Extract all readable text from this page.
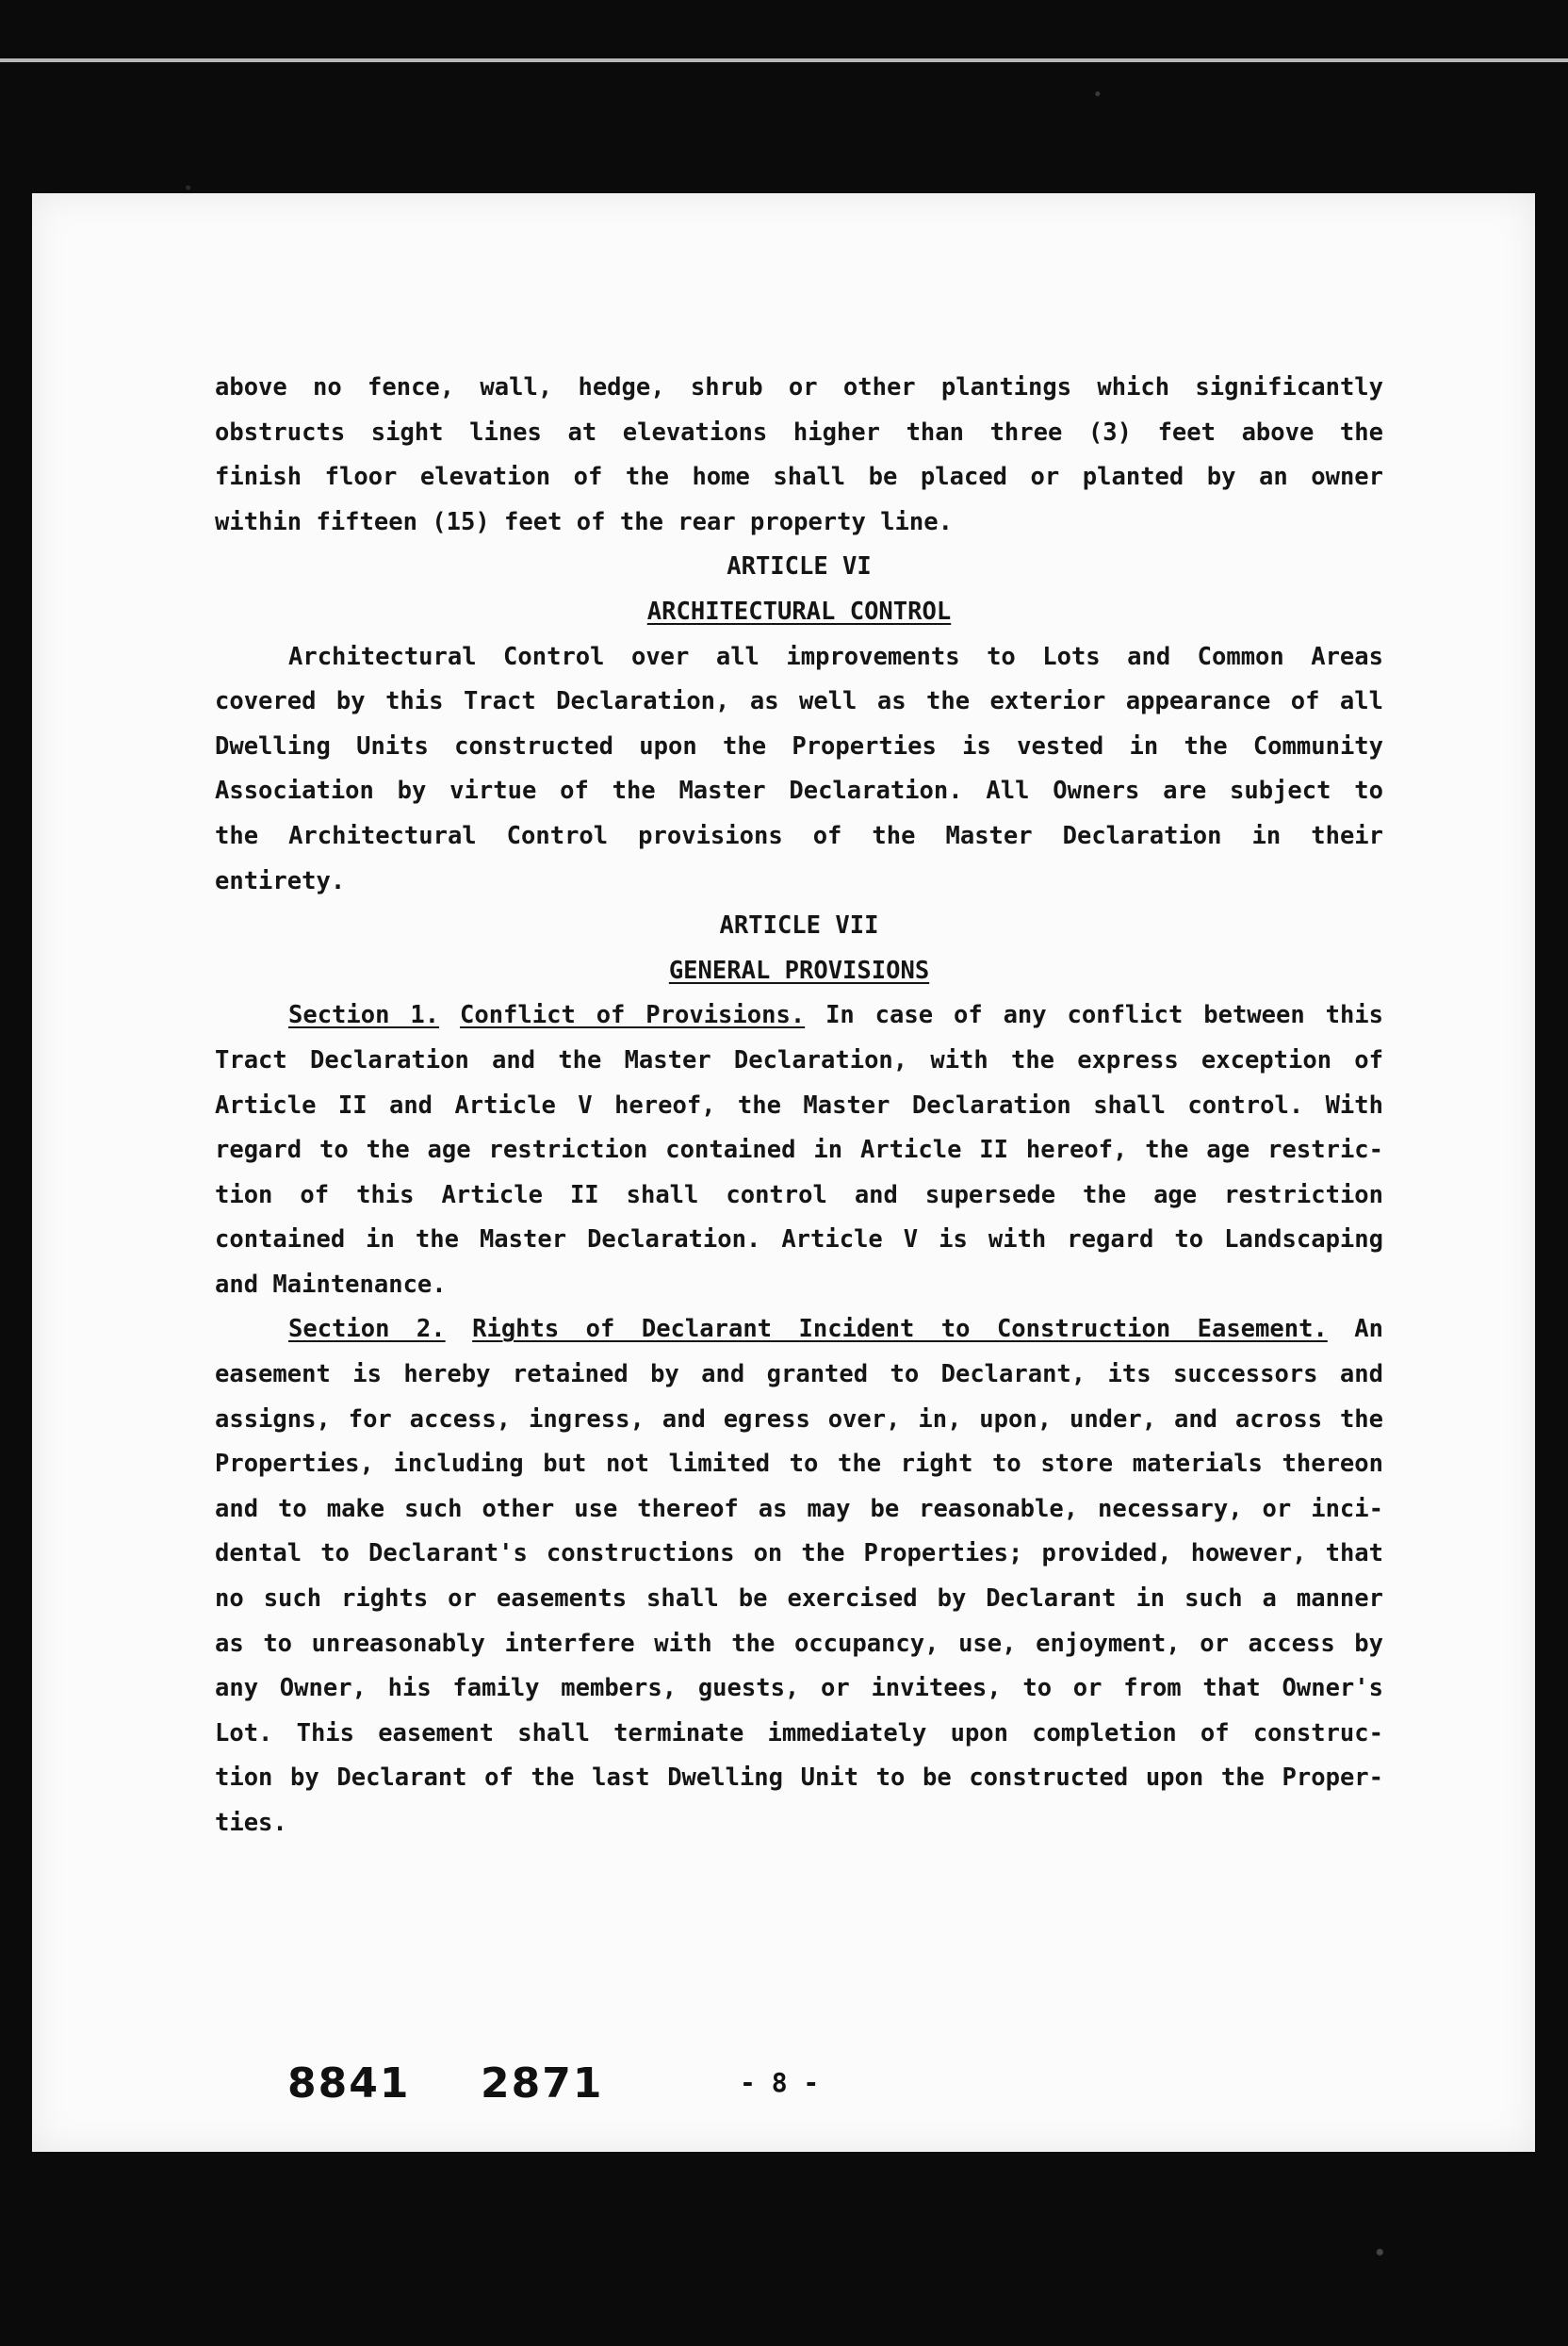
above no fence, wall, hedge, shrub or other plantings which significantly
obstructs sight lines at elevations higher than three (3) feet above the
finish floor elevation of the home shall be placed or planted by an owner
within fifteen (15) feet of the rear property line.
ARTICLE VI
ARCHITECTURAL CONTROL
Architectural Control over all improvements to Lots and Common Areas
covered by this Tract Declaration, as well as the exterior appearance of all
Dwelling Units constructed upon the Properties is vested in the Community
Association by virtue of the Master Declaration. All Owners are subject to
the Architectural Control provisions of the Master Declaration in their
entirety.
ARTICLE VII
GENERAL PROVISIONS
Section 1. Conflict of Provisions. In case of any conflict between this
Tract Declaration and the Master Declaration, with the express exception of
Article II and Article V hereof, the Master Declaration shall control. With
regard to the age restriction contained in Article II hereof, the age restric-
tion of this Article II shall control and supersede the age restriction
contained in the Master Declaration. Article V is with regard to Landscaping
and Maintenance.
Section 2. Rights of Declarant Incident to Construction Easement. An
easement is hereby retained by and granted to Declarant, its successors and
assigns, for access, ingress, and egress over, in, upon, under, and across the
Properties, including but not limited to the right to store materials thereon
and to make such other use thereof as may be reasonable, necessary, or inci-
dental to Declarant's constructions on the Properties; provided, however, that
no such rights or easements shall be exercised by Declarant in such a manner
as to unreasonably interfere with the occupancy, use, enjoyment, or access by
any Owner, his family members, guests, or invitees, to or from that Owner's
Lot. This easement shall terminate immediately upon completion of construc-
tion by Declarant of the last Dwelling Unit to be constructed upon the Proper-
ties.
8841 2871	- 8 -
